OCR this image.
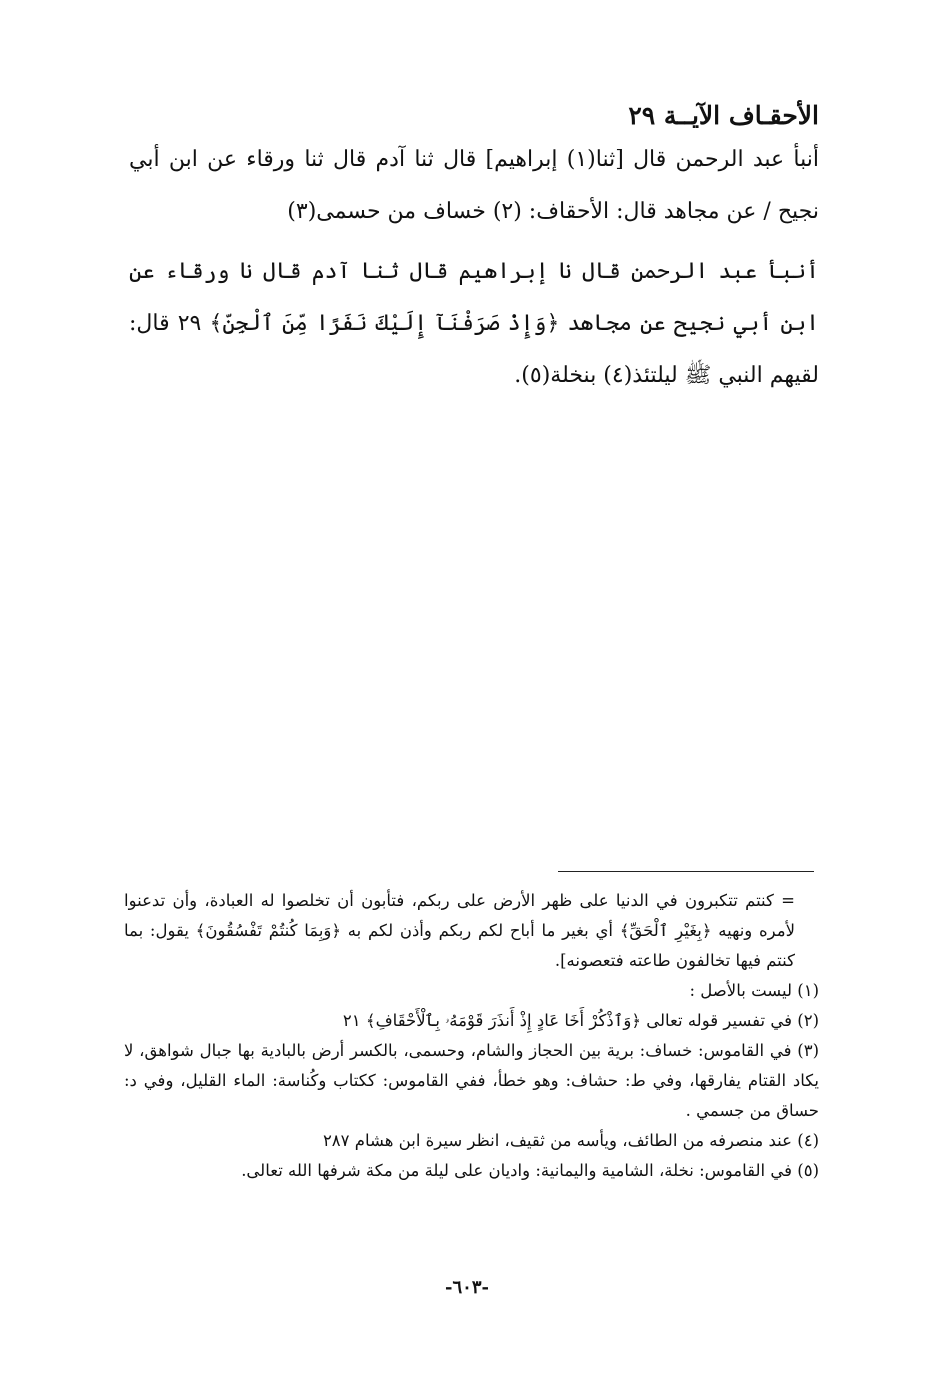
الأحقـاف الآيــة ٢٩

أنبأ عبد الرحمن قال [ثنا(١) إبراهيم] قال ثنا آدم قال ثنا ورقاء عن ابن أبي نجيح / عن مجاهد قال: الأحقاف: (٢) خساف من حسمى(٣)

أنبأ عبد الرحمن قال نا إبراهيم قال ثنا آدم قال نا ورقاء عن ابن أبي نجيح عن مجاهد ﴿وَإِذْ صَرَفْنَآ إِلَيْكَ نَفَرًا مِّنَ ٱلْجِنِّ﴾ ٢٩ قال: لقيهم النبي ﷺ ليلتئذ(٤) بنخلة(٥).

= كنتم تتكبرون في الدنيا على ظهر الأرض على ربكم، فتأبون أن تخلصوا له العبادة، وأن تدعنوا لأمره ونهيه ﴿بِغَيْرِ ٱلْحَقِّ﴾ أي بغير ما أباح لكم ربكم وأذن لكم به ﴿وَبِمَا كُنتُمْ تَفْسُقُونَ﴾ يقول: بما كنتم فيها تخالفون طاعته فتعصونه].

(١) ليست بالأصل :

(٢) في تفسير قوله تعالى ﴿وَٱذْكُرْ أَخَا عَادٍ إِذْ أَنذَرَ قَوْمَهُۥ بِٱلْأَحْقَافِ﴾ ٢١

(٣) في القاموس: خساف: برية بين الحجاز والشام، وحسمى، بالكسر أرض بالبادية بها جبال شواهق، لا يكاد القتام يفارقها، وفي ط: حشاف: وهو خطأ، ففي القاموس: ككتاب وكُناسة: الماء القليل، وفي د: حساق من جسمي .

(٤) عند منصرفه من الطائف، ويأسه من ثقيف، انظر سيرة ابن هشام ٢٨٧

(٥) في القاموس: نخلة، الشامية واليمانية: واديان على ليلة من مكة شرفها الله تعالى.

-٦٠٣-
